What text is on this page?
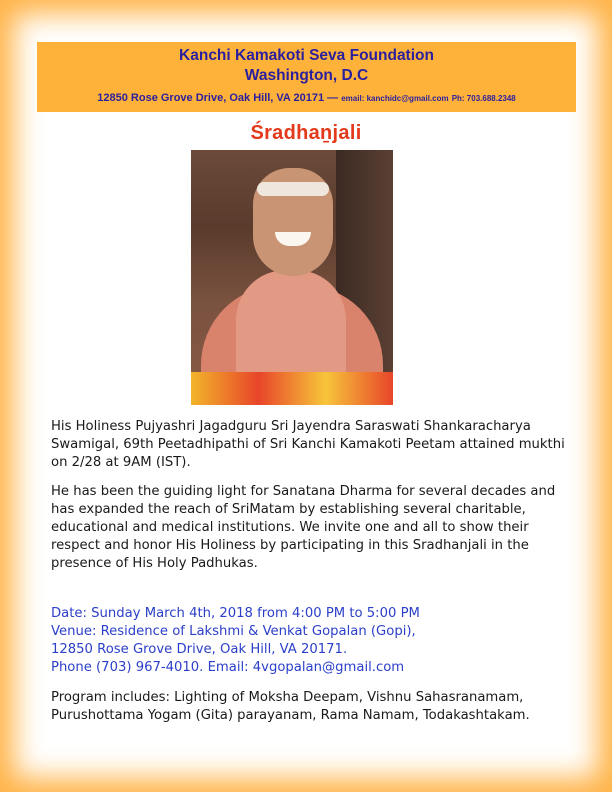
Kanchi Kamakoti Seva Foundation
Washington, D.C
12850 Rose Grove Drive, Oak Hill, VA 20171 — email: kanchidc@gmail.com Ph: 703.688.2348
Śradhaṉjali

His Holiness Pujyashri Jagadguru Sri Jayendra Saraswati Shankaracharya Swamigal, 69th Peetadhipathi of Sri Kanchi Kamakoti Peetam attained mukthi on 2/28 at 9AM (IST).

He has been the guiding light for Sanatana Dharma for several decades and has expanded the reach of SriMatam by establishing several charitable, educational and medical institutions. We invite one and all to show their respect and honor His Holiness by participating in this Sradhanjali in the presence of His Holy Padhukas.

Date: Sunday March 4th, 2018 from 4:00 PM to 5:00 PM
Venue: Residence of Lakshmi & Venkat Gopalan (Gopi),
12850 Rose Grove Drive, Oak Hill, VA 20171.
Phone (703) 967-4010. Email: 4vgopalan@gmail.com

Program includes: Lighting of Moksha Deepam, Vishnu Sahasranamam, Purushottama Yogam (Gita) parayanam, Rama Namam, Todakashtakam.
